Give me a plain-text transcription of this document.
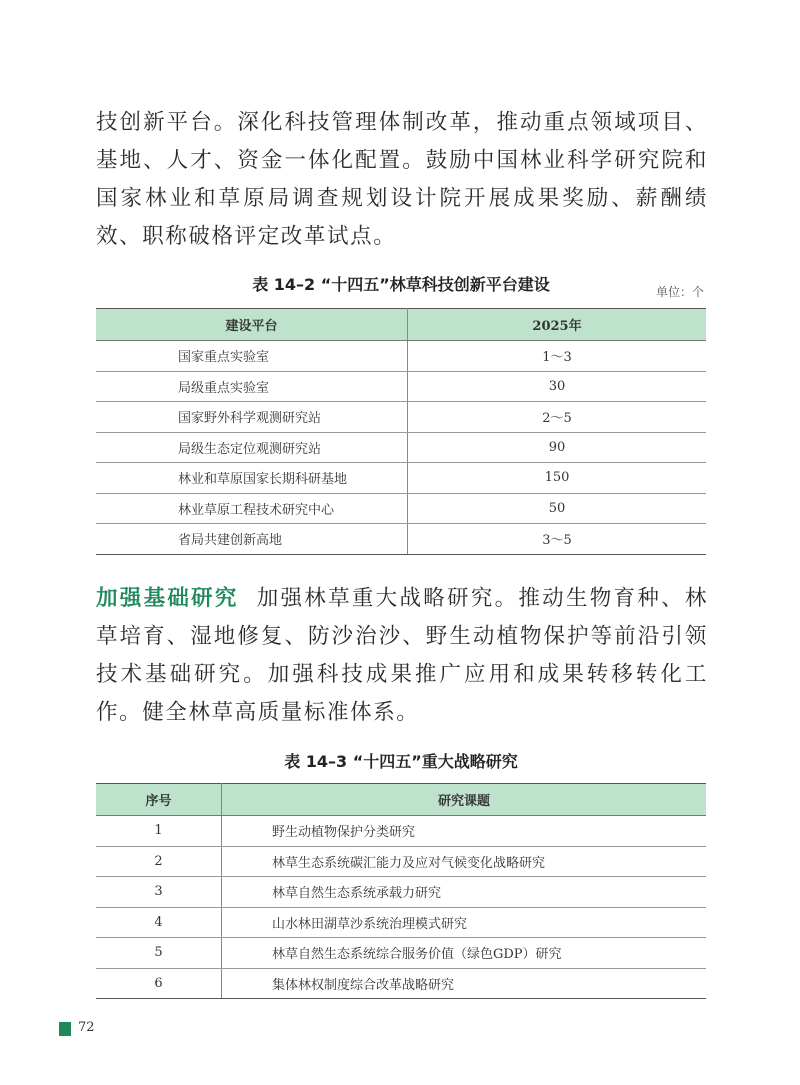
技创新平台。深化科技管理体制改革，推动重点领域项目、基地、人才、资金一体化配置。鼓励中国林业科学研究院和国家林业和草原局调查规划设计院开展成果奖励、薪酬绩效、职称破格评定改革试点。

表 14–2 “十四五”林草科技创新平台建设	单位：个
建设平台	2025年
国家重点实验室	1～3
局级重点实验室	30
国家野外科学观测研究站	2～5
局级生态定位观测研究站	90
林业和草原国家长期科研基地	150
林业草原工程技术研究中心	50
省局共建创新高地	3～5

加强基础研究 加强林草重大战略研究。推动生物育种、林草培育、湿地修复、防沙治沙、野生动植物保护等前沿引领技术基础研究。加强科技成果推广应用和成果转移转化工作。健全林草高质量标准体系。

表 14–3 “十四五”重大战略研究
序号	研究课题
1	野生动植物保护分类研究
2	林草生态系统碳汇能力及应对气候变化战略研究
3	林草自然生态系统承载力研究
4	山水林田湖草沙系统治理模式研究
5	林草自然生态系统综合服务价值（绿色GDP）研究
6	集体林权制度综合改革战略研究
72
